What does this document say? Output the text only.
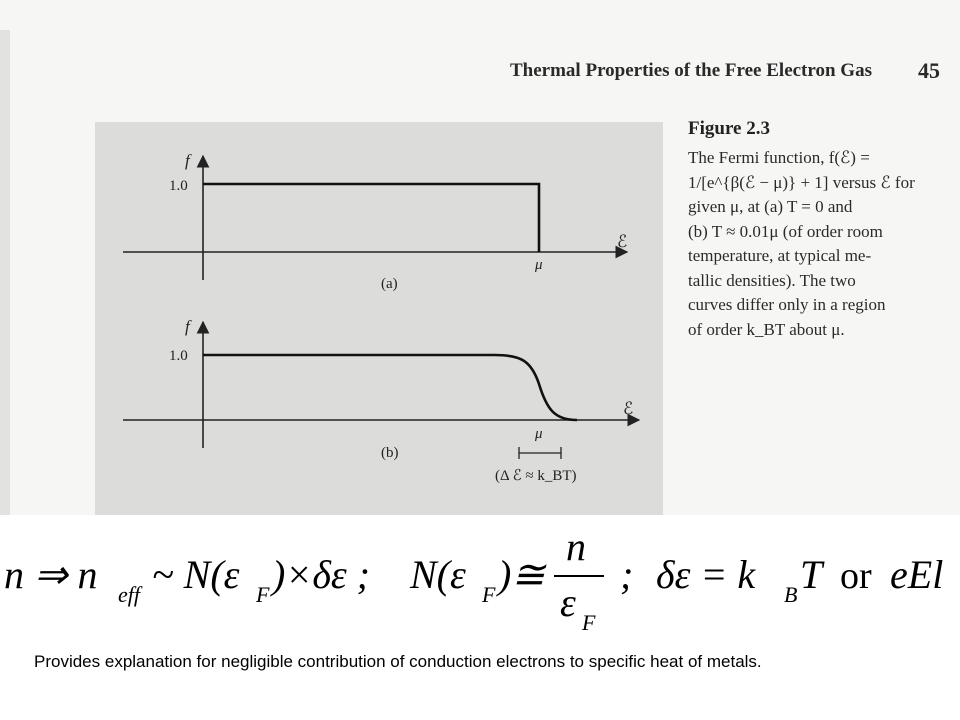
Thermal Properties of the Free Electron Gas 45
f
1.0
ℰ
μ
(a)
f
1.0
ℰ
μ
(b)
(Δ ℰ ≈ k_BT)
Figure 2.3
The Fermi function, f(ℰ) =
1/[e^{β(ℰ − μ)} + 1] versus ℰ for
given μ, at (a) T = 0 and
(b) T ≈ 0.01μ (of order room
temperature, at typical me-
tallic densities). The two
curves differ only in a region
of order k_BT about μ.
n ⇒ n eff ~ N(ε F )×δε ; N(ε F )≅
n
ε F
; δε = k B T or eEl
Provides explanation for negligible contribution of conduction electrons to specific heat of metals.
